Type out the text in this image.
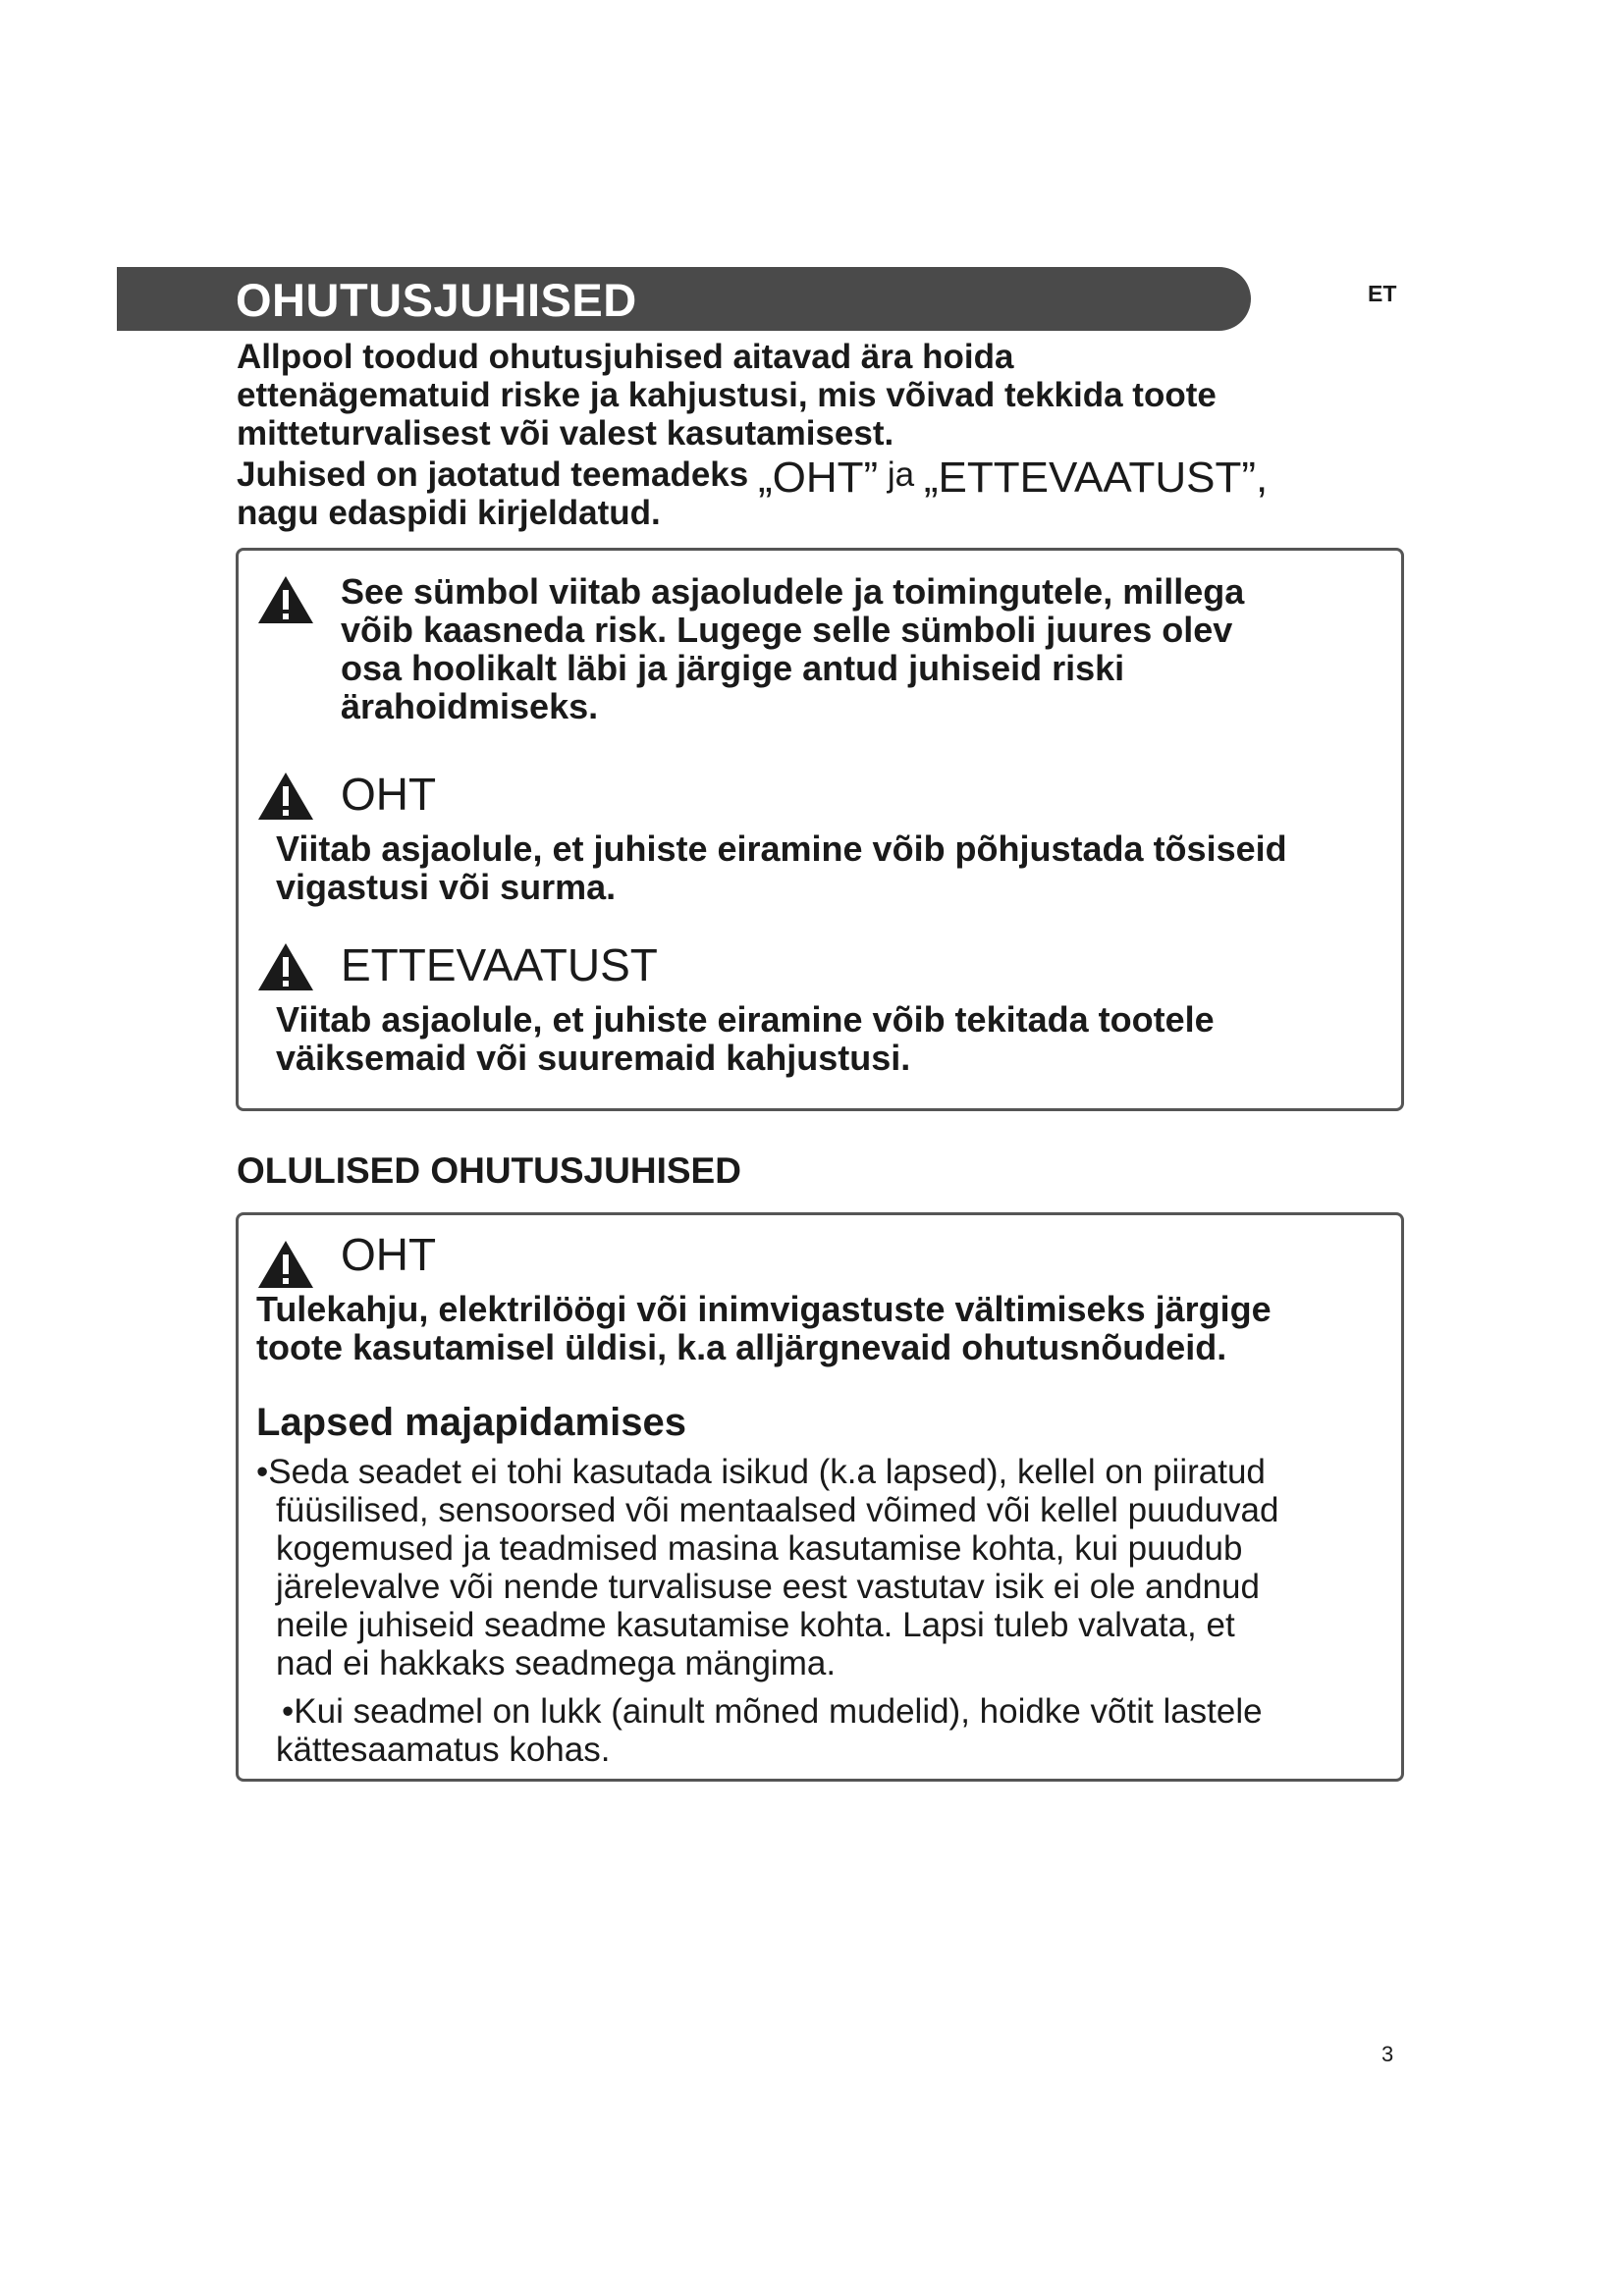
OHUTUSJUHISED	ET

Allpool toodud ohutusjuhised aitavad ära hoida

ettenägematuid riske ja kahjustusi, mis võivad tekkida toote

mitteturvalisest või valest kasutamisest.

Juhised on jaotatud teemadeks „OHT” ja „ETTEVAATUST”,

nagu edaspidi kirjeldatud.

See sümbol viitab asjaoludele ja toimingutele, millega

võib kaasneda risk. Lugege selle sümboli juures olev

osa hoolikalt läbi ja järgige antud juhiseid riski

ärahoidmiseks.

OHT

Viitab asjaolule, et juhiste eiramine võib põhjustada tõsiseid

vigastusi või surma.

ETTEVAATUST

Viitab asjaolule, et juhiste eiramine võib tekitada tootele

väiksemaid või suuremaid kahjustusi.

OLULISED OHUTUSJUHISED
OHT

Tulekahju, elektrilöögi või inimvigastuste vältimiseks järgige

toote kasutamisel üldisi, k.a alljärgnevaid ohutusnõudeid.

Lapsed majapidamises

•Seda seadet ei tohi kasutada isikud (k.a lapsed), kellel on piiratud

füüsilised, sensoorsed või mentaalsed võimed või kellel puuduvad

kogemused ja teadmised masina kasutamise kohta, kui puudub

järelevalve või nende turvalisuse eest vastutav isik ei ole andnud

neile juhiseid seadme kasutamise kohta. Lapsi tuleb valvata, et

nad ei hakkaks seadmega mängima.

•Kui seadmel on lukk (ainult mõned mudelid), hoidke võtit lastele

kättesaamatus kohas.

3
